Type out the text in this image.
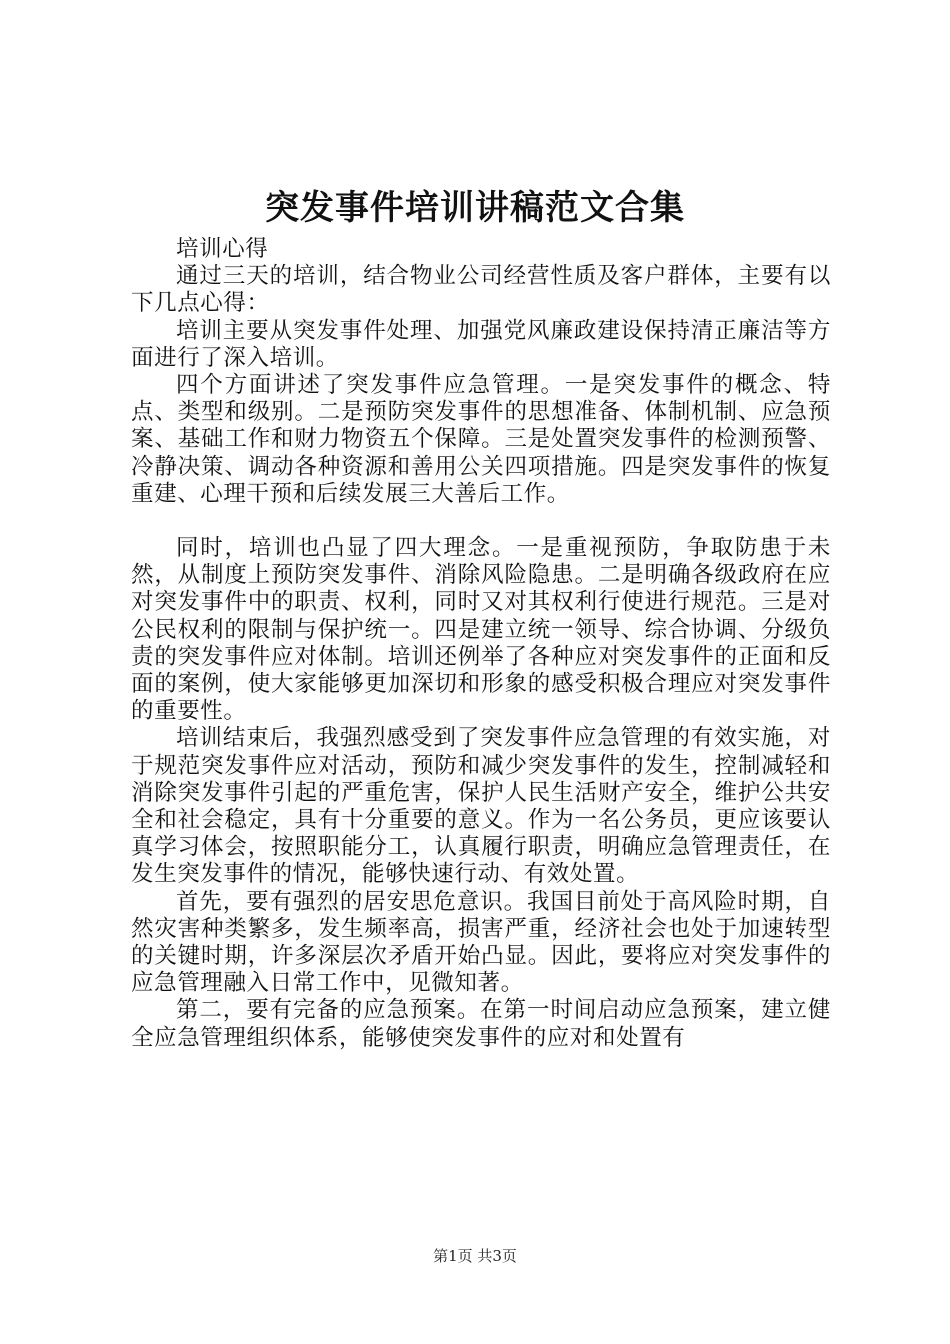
突发事件培训讲稿范文合集

培训心得

通过三天的培训，结合物业公司经营性质及客户群体，主要有以下几点心得：

培训主要从突发事件处理、加强党风廉政建设保持清正廉洁等方面进行了深入培训。

四个方面讲述了突发事件应急管理。一是突发事件的概念、特点、类型和级别。二是预防突发事件的思想准备、体制机制、应急预案、基础工作和财力物资五个保障。三是处置突发事件的检测预警、冷静决策、调动各种资源和善用公关四项措施。四是突发事件的恢复重建、心理干预和后续发展三大善后工作。

同时，培训也凸显了四大理念。一是重视预防，争取防患于未然，从制度上预防突发事件、消除风险隐患。二是明确各级政府在应对突发事件中的职责、权利，同时又对其权利行使进行规范。三是对公民权利的限制与保护统一。四是建立统一领导、综合协调、分级负责的突发事件应对体制。培训还例举了各种应对突发事件的正面和反面的案例，使大家能够更加深切和形象的感受积极合理应对突发事件的重要性。

培训结束后，我强烈感受到了突发事件应急管理的有效实施，对于规范突发事件应对活动，预防和减少突发事件的发生，控制减轻和消除突发事件引起的严重危害，保护人民生活财产安全，维护公共安全和社会稳定，具有十分重要的意义。作为一名公务员，更应该要认真学习体会，按照职能分工，认真履行职责，明确应急管理责任，在发生突发事件的情况，能够快速行动、有效处置。

首先，要有强烈的居安思危意识。我国目前处于高风险时期，自然灾害种类繁多，发生频率高，损害严重，经济社会也处于加速转型的关键时期，许多深层次矛盾开始凸显。因此，要将应对突发事件的应急管理融入日常工作中，见微知著。

第二，要有完备的应急预案。在第一时间启动应急预案，建立健全应急管理组织体系，能够使突发事件的应对和处置有

第1页 共3页
